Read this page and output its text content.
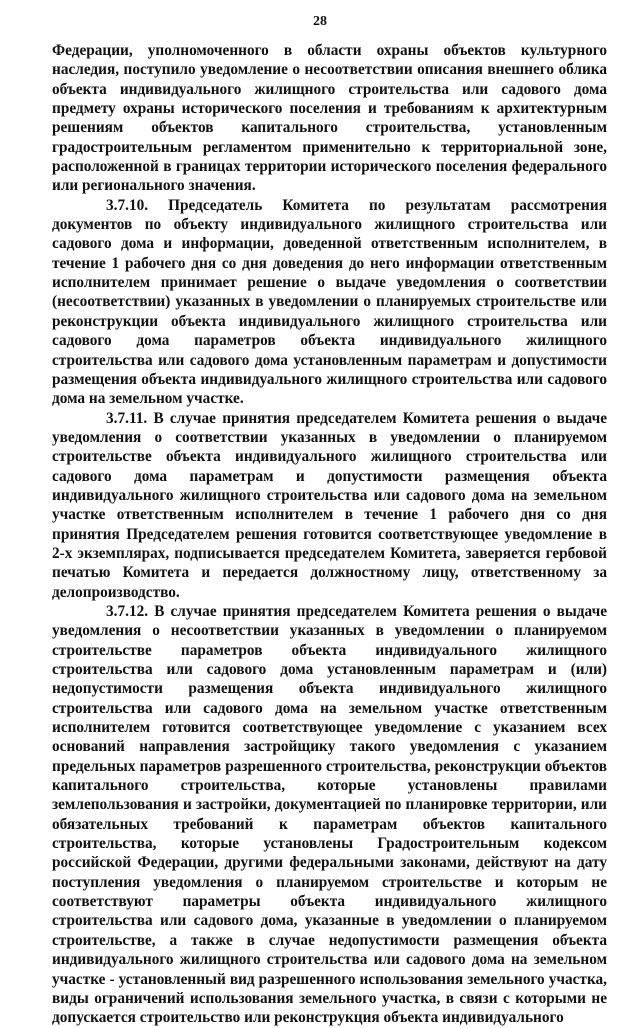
28

Федерации, уполномоченного в области охраны объектов культурного наследия, поступило уведомление о несоответствии описания внешнего облика объекта индивидуального жилищного строительства или садового дома предмету охраны исторического поселения и требованиям к архитектурным решениям объектов капитального строительства, установленным градостроительным регламентом применительно к территориальной зоне, расположенной в границах территории исторического поселения федерального или регионального значения.

3.7.10. Председатель Комитета по результатам рассмотрения документов по объекту индивидуального жилищного строительства или садового дома и информации, доведенной ответственным исполнителем, в течение 1 рабочего дня со дня доведения до него информации ответственным исполнителем принимает решение о выдаче уведомления о соответствии (несоответствии) указанных в уведомлении о планируемых строительстве или реконструкции объекта индивидуального жилищного строительства или садового дома параметров объекта индивидуального жилищного строительства или садового дома установленным параметрам и допустимости размещения объекта индивидуального жилищного строительства или садового дома на земельном участке.

3.7.11. В случае принятия председателем Комитета решения о выдаче уведомления о соответствии указанных в уведомлении о планируемом строительстве объекта индивидуального жилищного строительства или садового дома параметрам и допустимости размещения объекта индивидуального жилищного строительства или садового дома на земельном участке ответственным исполнителем в течение 1 рабочего дня со дня принятия Председателем решения готовится соответствующее уведомление в 2-х экземплярах, подписывается председателем Комитета, заверяется гербовой печатью Комитета и передается должностному лицу, ответственному за делопроизводство.

3.7.12. В случае принятия председателем Комитета решения о выдаче уведомления о несоответствии указанных в уведомлении о планируемом строительстве параметров объекта индивидуального жилищного строительства или садового дома установленным параметрам и (или) недопустимости размещения объекта индивидуального жилищного строительства или садового дома на земельном участке ответственным исполнителем готовится соответствующее уведомление с указанием всех оснований направления застройщику такого уведомления с указанием предельных параметров разрешенного строительства, реконструкции объектов капитального строительства, которые установлены правилами землепользования и застройки, документацией по планировке территории, или обязательных требований к параметрам объектов капитального строительства, которые установлены Градостроительным кодексом российской Федерации, другими федеральными законами, действуют на дату поступления уведомления о планируемом строительстве и которым не соответствуют параметры объекта индивидуального жилищного строительства или садового дома, указанные в уведомлении о планируемом строительстве, а также в случае недопустимости размещения объекта индивидуального жилищного строительства или садового дома на земельном участке - установленный вид разрешенного использования земельного участка, виды ограничений использования земельного участка, в связи с которыми не допускается строительство или реконструкция объекта индивидуального
